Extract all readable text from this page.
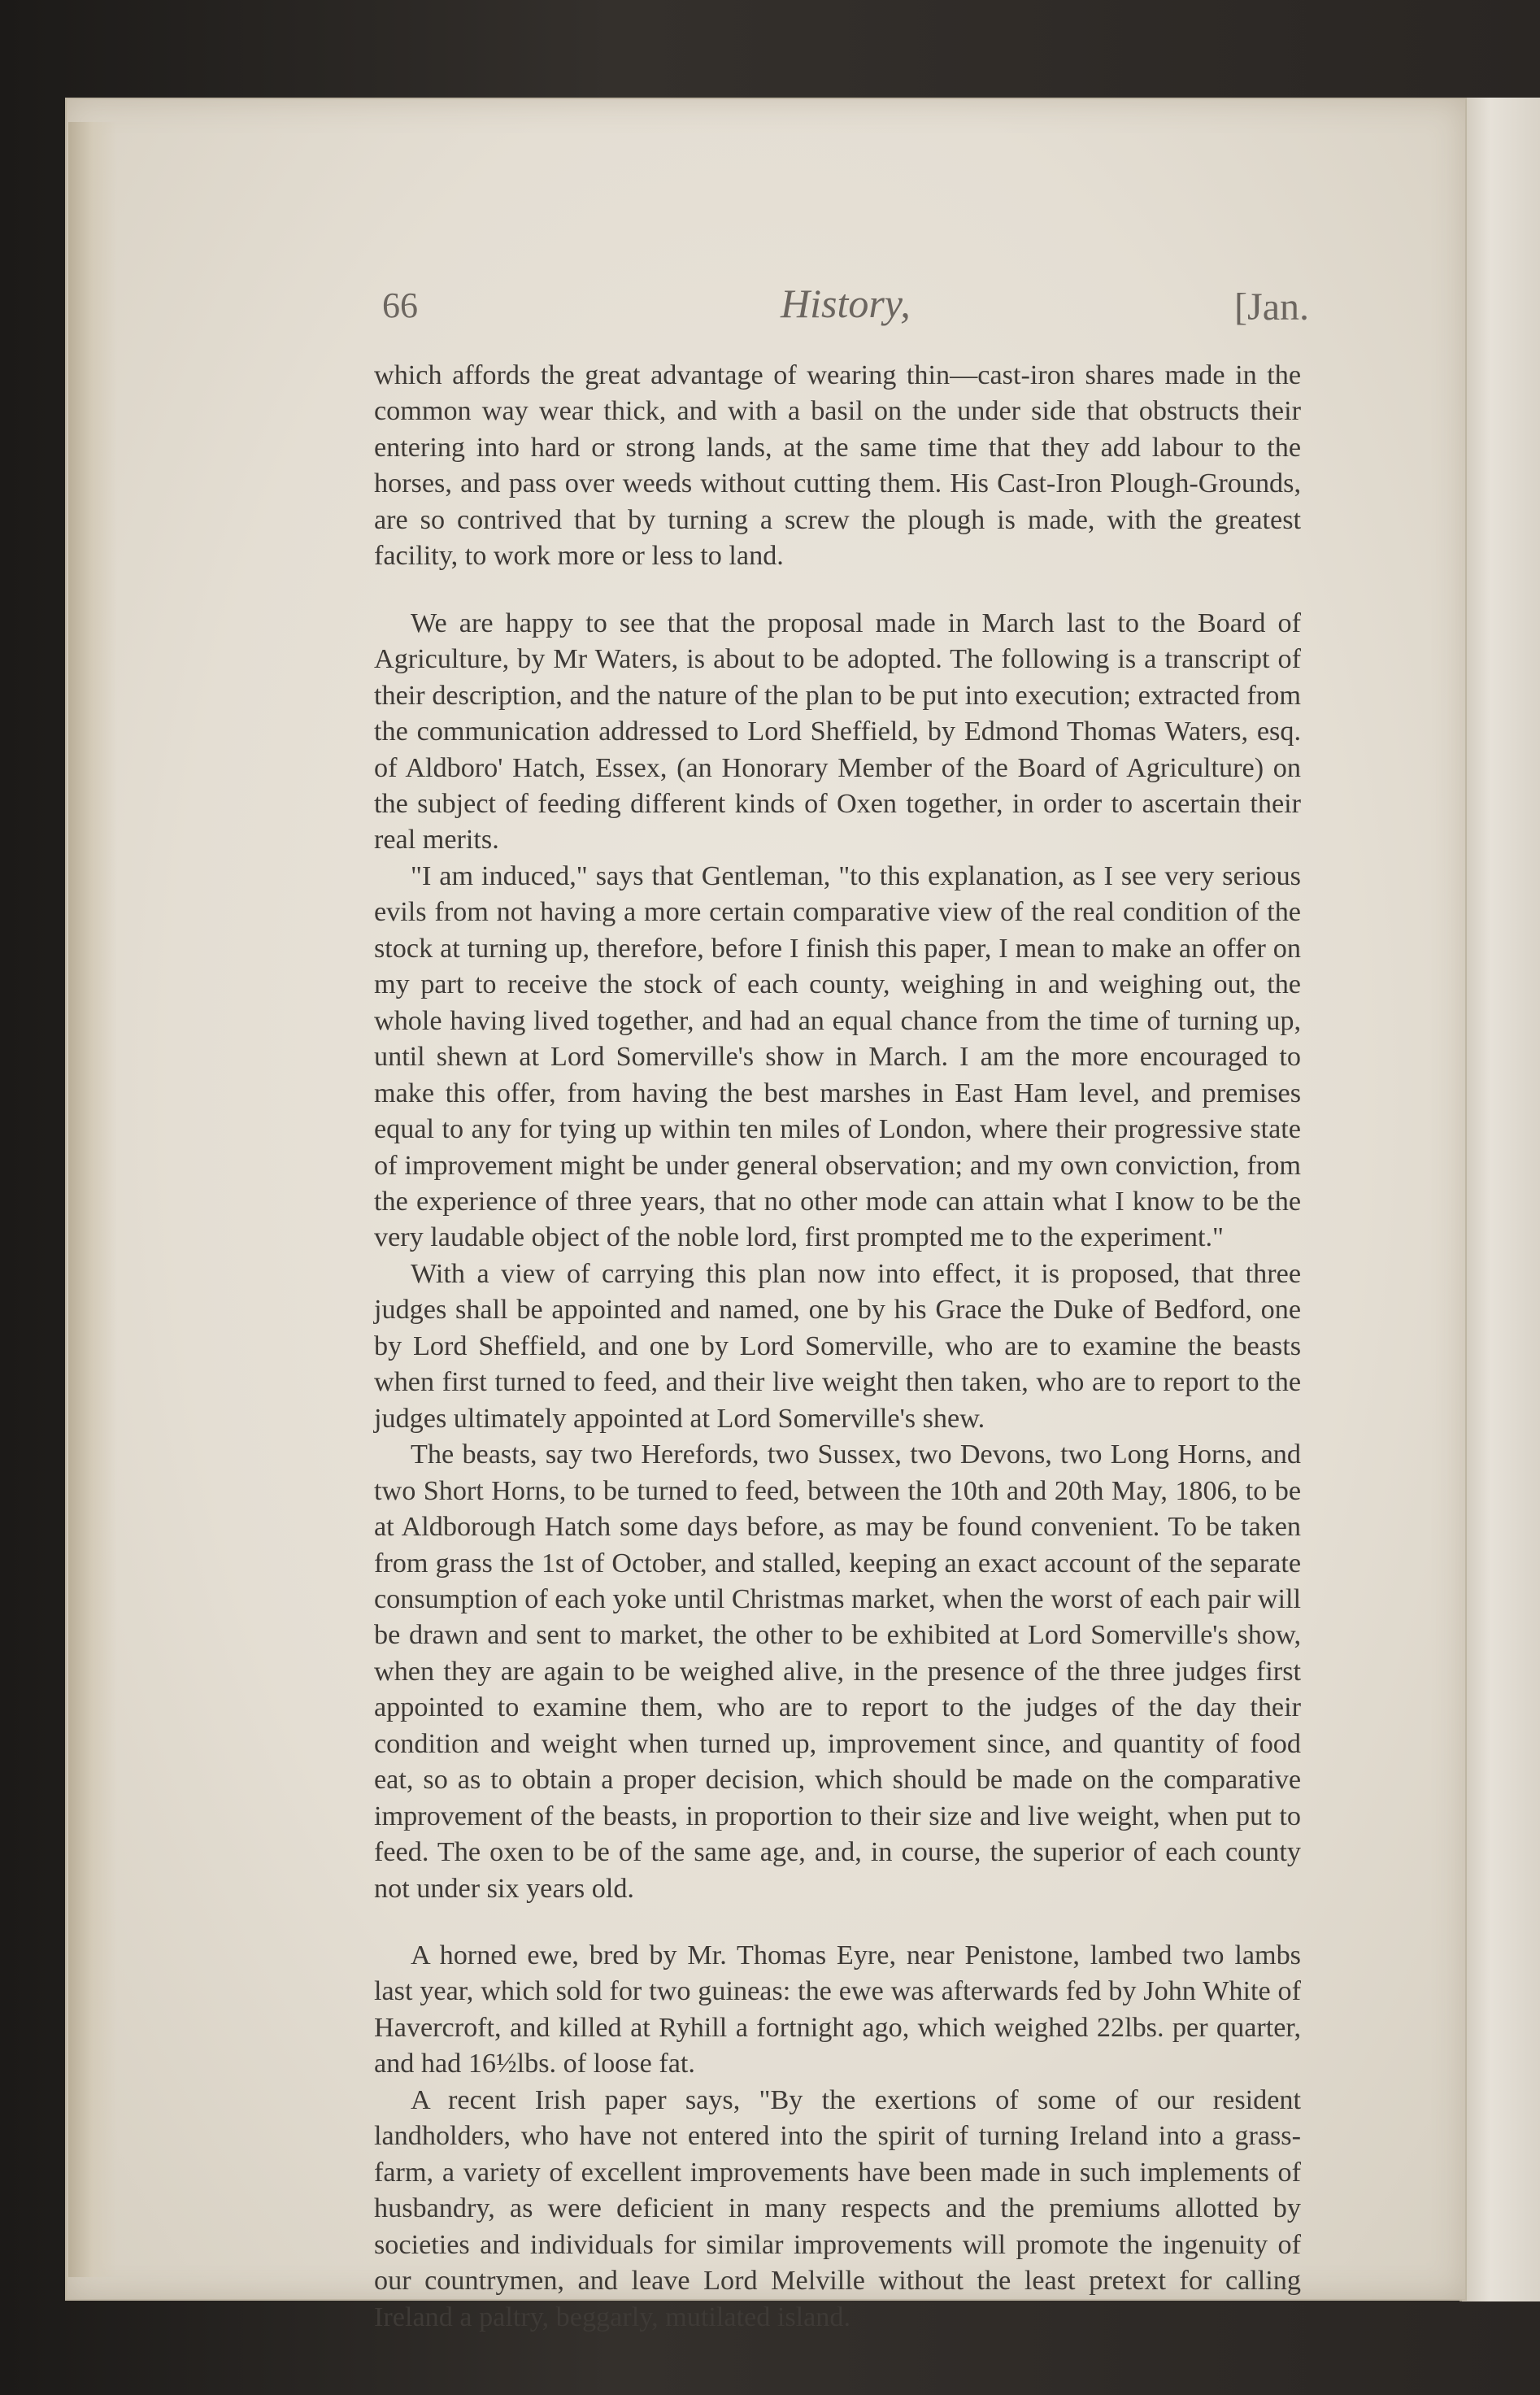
66	History,	[Jan.

which affords the great advantage of wearing thin—cast-iron shares made in the common way wear thick, and with a basil on the under side that obstructs their entering into hard or strong lands, at the same time that they add labour to the horses, and pass over weeds without cutting them. His Cast-Iron Plough-Grounds, are so contrived that by turning a screw the plough is made, with the greatest facility, to work more or less to land.

We are happy to see that the proposal made in March last to the Board of Agriculture, by Mr Waters, is about to be adopted. The following is a transcript of their description, and the nature of the plan to be put into execution; extracted from the communication addressed to Lord Sheffield, by Edmond Thomas Waters, esq. of Aldboro' Hatch, Essex, (an Honorary Member of the Board of Agriculture) on the subject of feeding different kinds of Oxen together, in order to ascertain their real merits.

"I am induced," says that Gentleman, "to this explanation, as I see very serious evils from not having a more certain comparative view of the real condition of the stock at turning up, therefore, before I finish this paper, I mean to make an offer on my part to receive the stock of each county, weighing in and weighing out, the whole having lived together, and had an equal chance from the time of turning up, until shewn at Lord Somerville's show in March. I am the more encouraged to make this offer, from having the best marshes in East Ham level, and premises equal to any for tying up within ten miles of London, where their progressive state of improvement might be under general observation; and my own conviction, from the experience of three years, that no other mode can attain what I know to be the very laudable object of the noble lord, first prompted me to the experiment."

With a view of carrying this plan now into effect, it is proposed, that three judges shall be appointed and named, one by his Grace the Duke of Bedford, one by Lord Sheffield, and one by Lord Somerville, who are to examine the beasts when first turned to feed, and their live weight then taken, who are to report to the judges ultimately appointed at Lord Somerville's shew.

The beasts, say two Herefords, two Sussex, two Devons, two Long Horns, and two Short Horns, to be turned to feed, between the 10th and 20th May, 1806, to be at Aldborough Hatch some days before, as may be found convenient. To be taken from grass the 1st of October, and stalled, keeping an exact account of the separate consumption of each yoke until Christmas market, when the worst of each pair will be drawn and sent to market, the other to be exhibited at Lord Somerville's show, when they are again to be weighed alive, in the presence of the three judges first appointed to examine them, who are to report to the judges of the day their condition and weight when turned up, improvement since, and quantity of food eat, so as to obtain a proper decision, which should be made on the comparative improvement of the beasts, in proportion to their size and live weight, when put to feed. The oxen to be of the same age, and, in course, the superior of each county not under six years old.

A horned ewe, bred by Mr. Thomas Eyre, near Penistone, lambed two lambs last year, which sold for two guineas: the ewe was afterwards fed by John White of Havercroft, and killed at Ryhill a fortnight ago, which weighed 22lbs. per quarter, and had 16½lbs. of loose fat.

A recent Irish paper says, "By the exertions of some of our resident landholders, who have not entered into the spirit of turning Ireland into a grass-farm, a variety of excellent improvements have been made in such implements of husbandry, as were deficient in many respects and the premiums allotted by societies and individuals for similar improvements will promote the ingenuity of our countrymen, and leave Lord Melville without the least pretext for calling Ireland a paltry, beggarly, mutilated island.
